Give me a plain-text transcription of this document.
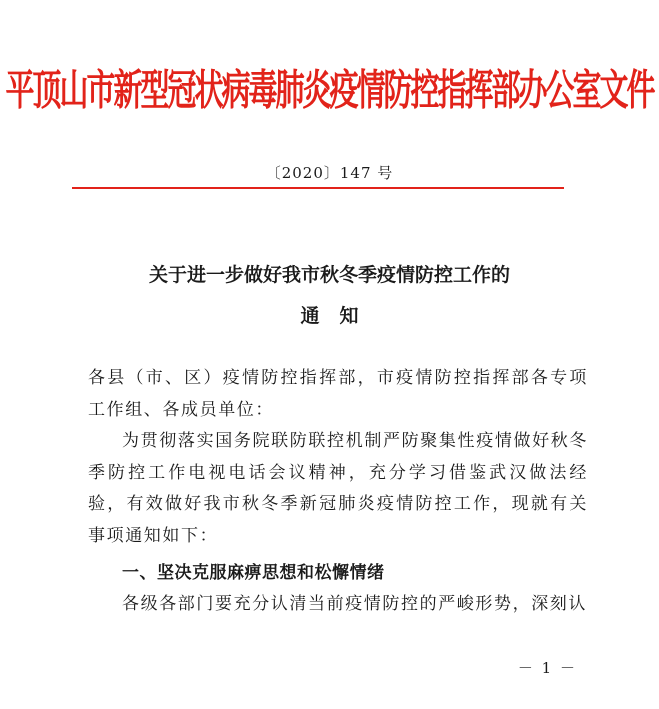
平顶山市新型冠状病毒肺炎疫情防控指挥部办公室文件
〔2020〕147 号
关于进一步做好我市秋冬季疫情防控工作的
通知
各县（市、区）疫情防控指挥部，市疫情防控指挥部各专项工作组、各成员单位：
为贯彻落实国务院联防联控机制严防聚集性疫情做好秋冬季防控工作电视电话会议精神，充分学习借鉴武汉做法经验，有效做好我市秋冬季新冠肺炎疫情防控工作，现就有关事项通知如下：
一、坚决克服麻痹思想和松懈情绪
各级各部门要充分认清当前疫情防控的严峻形势，深刻认
－ 1 －
